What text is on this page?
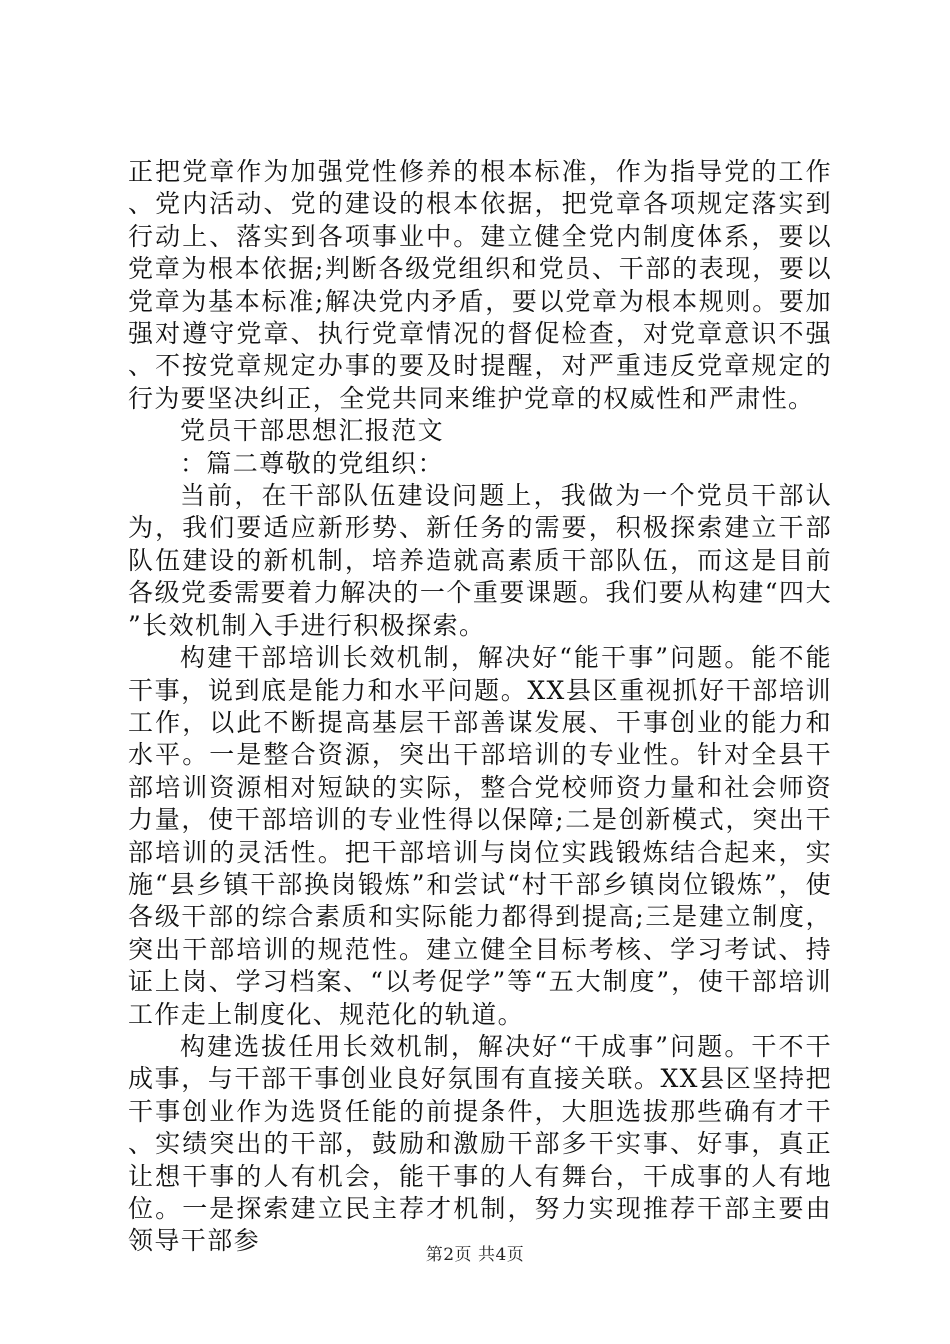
正把党章作为加强党性修养的根本标准，作为指导党的工作、党内活动、党的建设的根本依据，把党章各项规定落实到行动上、落实到各项事业中。建立健全党内制度体系，要以党章为根本依据;判断各级党组织和党员、干部的表现，要以党章为基本标准;解决党内矛盾，要以党章为根本规则。要加强对遵守党章、执行党章情况的督促检查，对党章意识不强、不按党章规定办事的要及时提醒，对严重违反党章规定的行为要坚决纠正，全党共同来维护党章的权威性和严肃性。

党员干部思想汇报范文

：篇二尊敬的党组织：

当前，在干部队伍建设问题上，我做为一个党员干部认为，我们要适应新形势、新任务的需要，积极探索建立干部队伍建设的新机制，培养造就高素质干部队伍，而这是目前各级党委需要着力解决的一个重要课题。我们要从构建“四大”长效机制入手进行积极探索。

构建干部培训长效机制，解决好“能干事”问题。能不能干事，说到底是能力和水平问题。XX县区重视抓好干部培训工作，以此不断提高基层干部善谋发展、干事创业的能力和水平。一是整合资源，突出干部培训的专业性。针对全县干部培训资源相对短缺的实际，整合党校师资力量和社会师资力量，使干部培训的专业性得以保障;二是创新模式，突出干部培训的灵活性。把干部培训与岗位实践锻炼结合起来，实施“县乡镇干部换岗锻炼”和尝试“村干部乡镇岗位锻炼”，使各级干部的综合素质和实际能力都得到提高;三是建立制度，突出干部培训的规范性。建立健全目标考核、学习考试、持证上岗、学习档案、“以考促学”等“五大制度”，使干部培训工作走上制度化、规范化的轨道。

构建选拔任用长效机制，解决好“干成事”问题。干不干成事，与干部干事创业良好氛围有直接关联。XX县区坚持把干事创业作为选贤任能的前提条件，大胆选拔那些确有才干、实绩突出的干部，鼓励和激励干部多干实事、好事，真正让想干事的人有机会，能干事的人有舞台，干成事的人有地位。一是探索建立民主荐才机制，努力实现推荐干部主要由领导干部参	第2页 共4页
